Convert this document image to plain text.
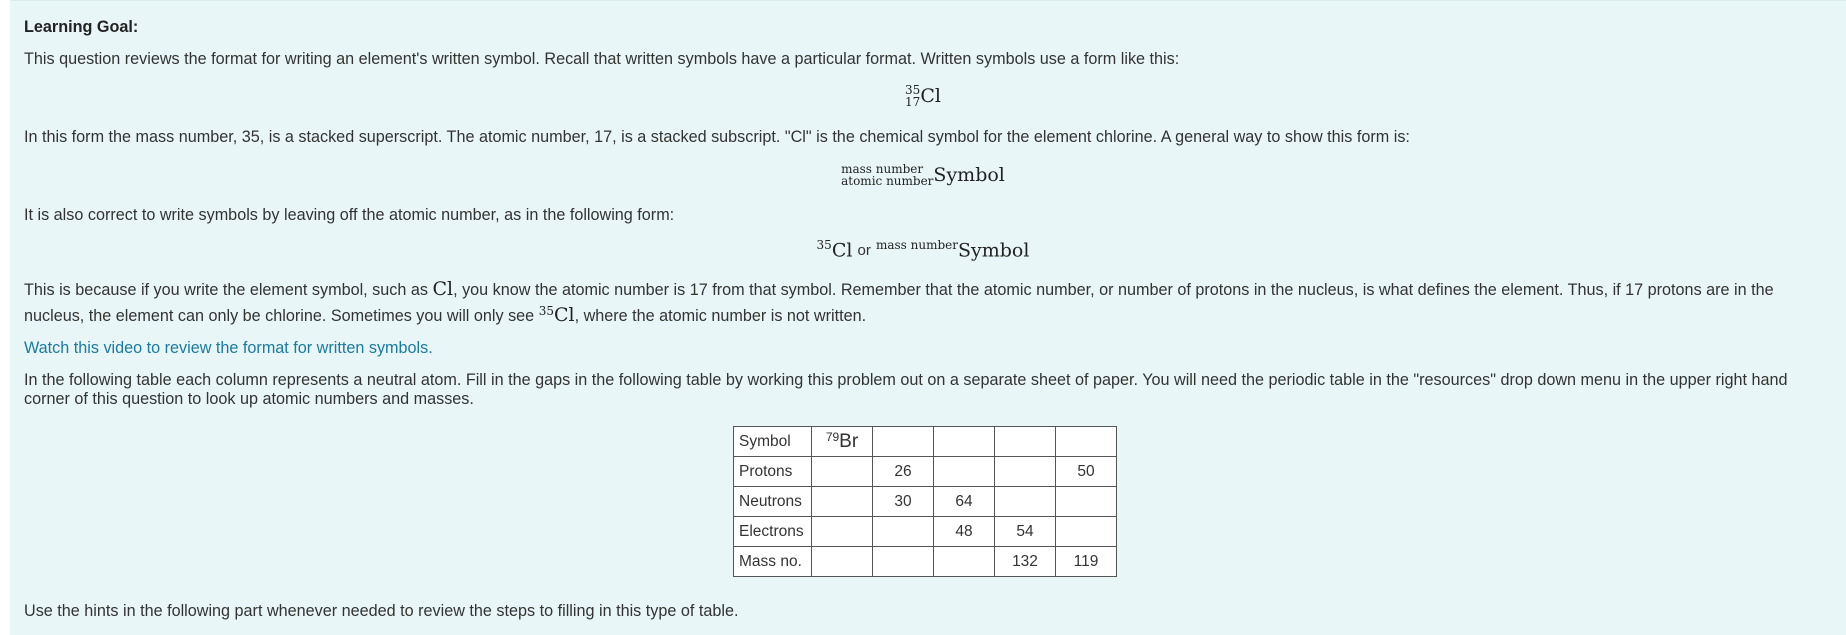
Learning Goal:
This question reviews the format for writing an element's written symbol. Recall that written symbols have a particular format. Written symbols use a form like this:
35
17 Cl
In this form the mass number, 35, is a stacked superscript. The atomic number, 17, is a stacked subscript. "Cl" is the chemical symbol for the element chlorine. A general way to show this form is:
mass number
atomic number Symbol
It is also correct to write symbols by leaving off the atomic number, as in the following form:
$^{35}$Cl or $^{mass number}$Symbol
This is because if you write the element symbol, such as Cl, you know the atomic number is 17 from that symbol. Remember that the atomic number, or number of protons in the nucleus, is what defines the element. Thus, if 17 protons are in the
nucleus, the element can only be chlorine. Sometimes you will only see $^{35}$Cl, where the atomic number is not written.
Watch this video to review the format for written symbols.
In the following table each column represents a neutral atom. Fill in the gaps in the following table by working this problem out on a separate sheet of paper. You will need the periodic table in the "resources" drop down menu in the upper right hand
corner of this question to look up atomic numbers and masses.
Symbol	$^{79}$Br				
Protons		26			50
Neutrons		30	64		
Electrons			48	54	
Mass no.				132	119
Use the hints in the following part whenever needed to review the steps to filling in this type of table.
